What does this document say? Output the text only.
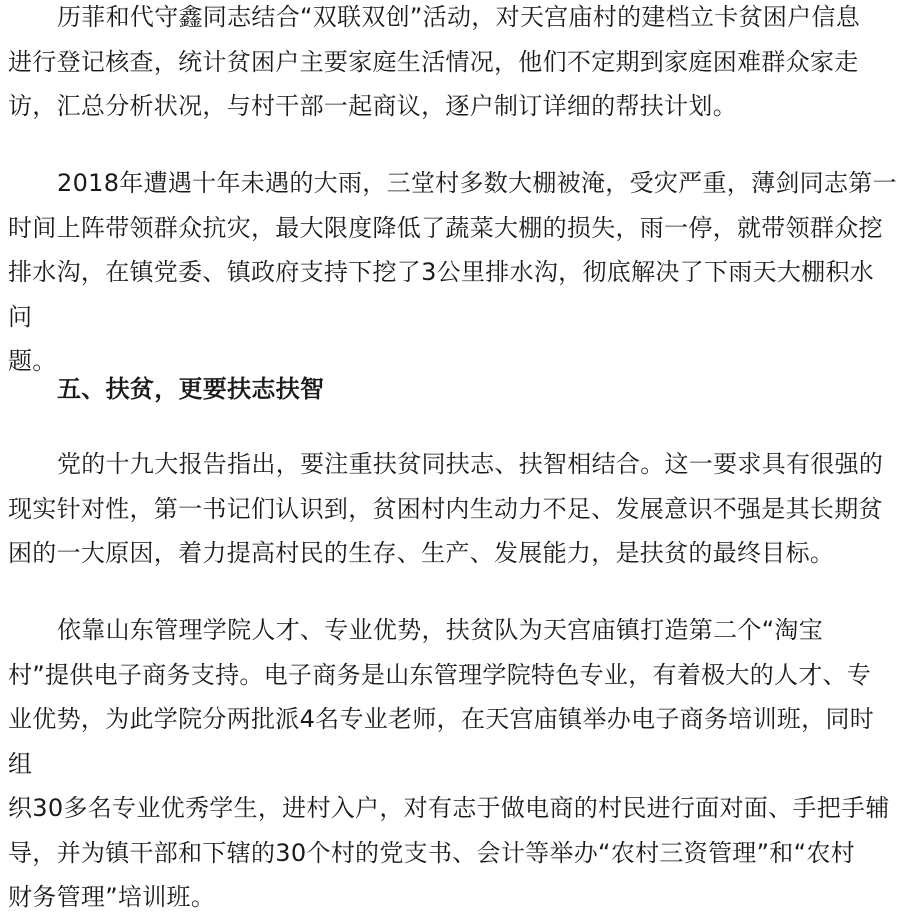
历菲和代守鑫同志结合“双联双创”活动，对天宫庙村的建档立卡贫困户信息
进行登记核查，统计贫困户主要家庭生活情况，他们不定期到家庭困难群众家走
访，汇总分析状况，与村干部一起商议，逐户制订详细的帮扶计划。

2018年遭遇十年未遇的大雨，三堂村多数大棚被淹，受灾严重，薄剑同志第一
时间上阵带领群众抗灾，最大限度降低了蔬菜大棚的损失，雨一停，就带领群众挖
排水沟，在镇党委、镇政府支持下挖了3公里排水沟，彻底解决了下雨天大棚积水问
题。

五、扶贫，更要扶志扶智

党的十九大报告指出，要注重扶贫同扶志、扶智相结合。这一要求具有很强的
现实针对性，第一书记们认识到，贫困村内生动力不足、发展意识不强是其长期贫
困的一大原因，着力提高村民的生存、生产、发展能力，是扶贫的最终目标。

依靠山东管理学院人才、专业优势，扶贫队为天宫庙镇打造第二个“淘宝
村”提供电子商务支持。电子商务是山东管理学院特色专业，有着极大的人才、专
业优势，为此学院分两批派4名专业老师，在天宫庙镇举办电子商务培训班，同时组
织30多名专业优秀学生，进村入户，对有志于做电商的村民进行面对面、手把手辅
导，并为镇干部和下辖的30个村的党支书、会计等举办“农村三资管理”和“农村
财务管理”培训班。
